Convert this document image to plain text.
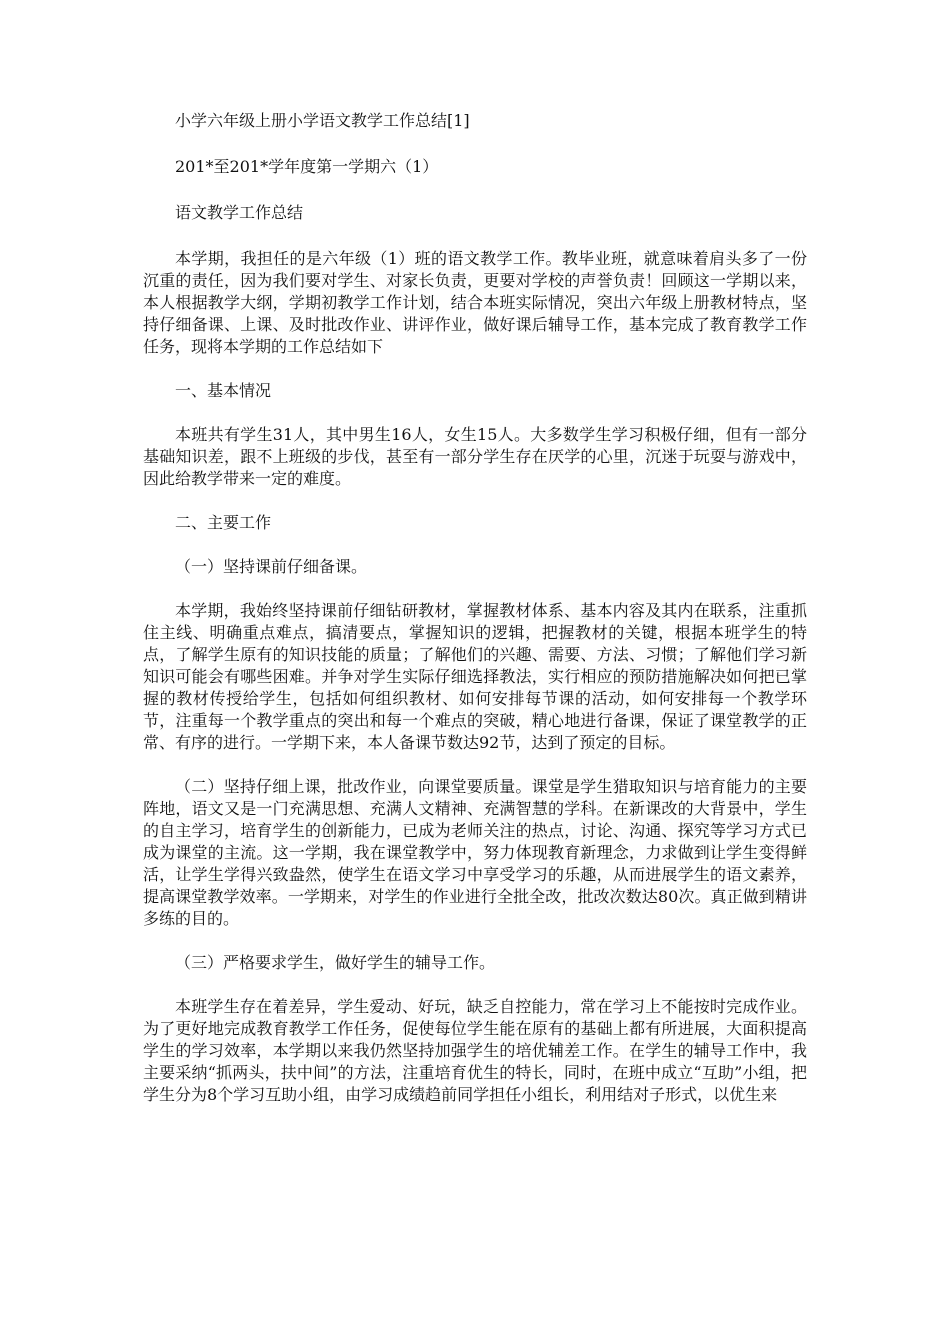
小学六年级上册小学语文教学工作总结[1]

201*至201*学年度第一学期六（1）

语文教学工作总结

本学期，我担任的是六年级（1）班的语文教学工作。教毕业班，就意味着肩头多了一份沉重的责任，因为我们要对学生、对家长负责，更要对学校的声誉负责！回顾这一学期以来，本人根据教学大纲，学期初教学工作计划，结合本班实际情况，突出六年级上册教材特点，坚持仔细备课、上课、及时批改作业、讲评作业，做好课后辅导工作，基本完成了教育教学工作任务，现将本学期的工作总结如下

一、基本情况

本班共有学生31人，其中男生16人，女生15人。大多数学生学习积极仔细，但有一部分基础知识差，跟不上班级的步伐，甚至有一部分学生存在厌学的心里，沉迷于玩耍与游戏中，因此给教学带来一定的难度。

二、主要工作

（一）坚持课前仔细备课。

本学期，我始终坚持课前仔细钻研教材，掌握教材体系、基本内容及其内在联系，注重抓住主线、明确重点难点，搞清要点，掌握知识的逻辑，把握教材的关键，根据本班学生的特点，了解学生原有的知识技能的质量；了解他们的兴趣、需要、方法、习惯；了解他们学习新知识可能会有哪些困难。并争对学生实际仔细选择教法，实行相应的预防措施解决如何把已掌握的教材传授给学生，包括如何组织教材、如何安排每节课的活动，如何安排每一个教学环节，注重每一个教学重点的突出和每一个难点的突破，精心地进行备课，保证了课堂教学的正常、有序的进行。一学期下来，本人备课节数达92节，达到了预定的目标。

（二）坚持仔细上课，批改作业，向课堂要质量。课堂是学生猎取知识与培育能力的主要阵地，语文又是一门充满思想、充满人文精神、充满智慧的学科。在新课改的大背景中，学生的自主学习，培育学生的创新能力，已成为老师关注的热点，讨论、沟通、探究等学习方式已成为课堂的主流。这一学期，我在课堂教学中，努力体现教育新理念，力求做到让学生变得鲜活，让学生学得兴致盎然，使学生在语文学习中享受学习的乐趣，从而进展学生的语文素养，提高课堂教学效率。一学期来，对学生的作业进行全批全改，批改次数达80次。真正做到精讲多练的目的。

（三）严格要求学生，做好学生的辅导工作。

本班学生存在着差异，学生爱动、好玩，缺乏自控能力，常在学习上不能按时完成作业。为了更好地完成教育教学工作任务，促使每位学生能在原有的基础上都有所进展，大面积提高学生的学习效率，本学期以来我仍然坚持加强学生的培优辅差工作。在学生的辅导工作中，我主要采纳“抓两头，扶中间”的方法，注重培育优生的特长，同时，在班中成立“互助”小组，把学生分为8个学习互助小组，由学习成绩趋前同学担任小组长，利用结对子形式，以优生来
